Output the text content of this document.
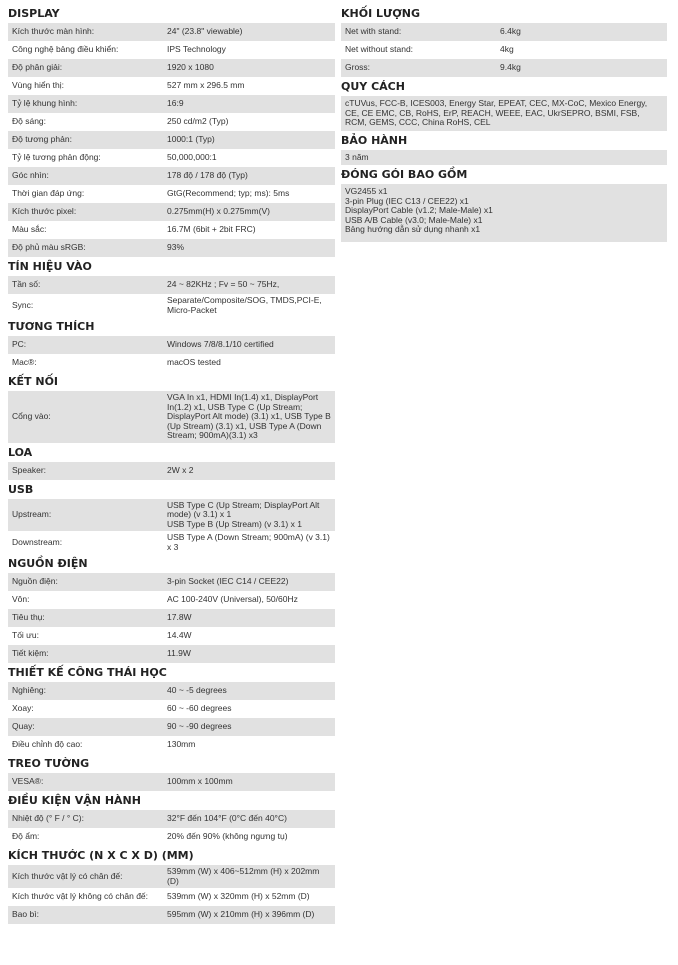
DISPLAY
Kích thước màn hình:	24" (23.8" viewable)
Công nghệ bảng điều khiển:	IPS Technology
Độ phân giải:	1920 x 1080
Vùng hiển thị:	527 mm x 296.5 mm
Tỷ lệ khung hình:	16:9
Độ sáng:	250 cd/m2 (Typ)
Độ tương phản:	1000:1 (Typ)
Tỷ lệ tương phản động:	50,000,000:1
Góc nhìn:	178 độ / 178 độ (Typ)
Thời gian đáp ứng:	GtG(Recommend; typ; ms): 5ms
Kích thước pixel:	0.275mm(H) x 0.275mm(V)
Màu sắc:	16.7M (6bit + 2bit FRC)
Độ phủ màu sRGB:	93%
TÍN HIỆU VÀO
Tần số:	24 ~ 82KHz ; Fv = 50 ~ 75Hz,
Sync:	Separate/Composite/SOG, TMDS,PCI-E, Micro-Packet
TƯƠNG THÍCH
PC:	Windows 7/8/8.1/10 certified
Mac®:	macOS tested
KẾT NỐI
Cổng vào:
VGA In x1, HDMI In(1.4) x1, DisplayPort In(1.2) x1, USB Type C (Up Stream; DisplayPort Alt mode) (3.1) x1, USB Type B (Up Stream) (3.1) x1, USB Type A (Down Stream; 900mA)(3.1) x3
LOA
Speaker:	2W x 2
USB
Upstream:
USB Type C (Up Stream; DisplayPort Alt mode) (v 3.1) x 1
USB Type B (Up Stream) (v 3.1) x 1
Downstream:	USB Type A (Down Stream; 900mA) (v 3.1) x 3
NGUỒN ĐIỆN
Nguồn điện:	3-pin Socket (IEC C14 / CEE22)
Vôn:	AC 100-240V (Universal), 50/60Hz
Tiêu thụ:	17.8W
Tối ưu:	14.4W
Tiết kiệm:	11.9W
THIẾT KẾ CÔNG THÁI HỌC
Nghiêng:	40 ~ -5 degrees
Xoay:	60 ~ -60 degrees
Quay:	90 ~ -90 degrees
Điều chỉnh độ cao:	130mm
TREO TƯỜNG
VESA®:	100mm x 100mm
ĐIỀU KIỆN VẬN HÀNH
Nhiệt độ (° F / ° C):	32°F đến 104°F (0°C đến 40°C)
Độ ẩm:	20% đến 90% (không ngưng tụ)
KÍCH THƯỚC (N X C X D) (MM)
Kích thước vật lý có chân đế:	539mm (W) x 406~512mm (H) x 202mm (D)
Kích thước vật lý không có chân đế:	539mm (W) x 320mm (H) x 52mm (D)
Bao bì:	595mm (W) x 210mm (H) x 396mm (D)
KHỐI LƯỢNG
Net with stand:	6.4kg
Net without stand:	4kg
Gross:	9.4kg
QUY CÁCH
cTUVus, FCC-B, ICES003, Energy Star, EPEAT, CEC, MX-CoC, Mexico Energy, CE, CE EMC, CB, RoHS, ErP, REACH, WEEE, EAC, UkrSEPRO, BSMI, FSB, RCM, GEMS, CCC, China RoHS, CEL
BẢO HÀNH
3 năm
ĐÓNG GÓI BAO GỒM
VG2455 x1
3-pin Plug (IEC C13 / CEE22) x1
DisplayPort Cable (v1.2; Male-Male) x1
USB A/B Cable (v3.0; Male-Male) x1
Bảng hướng dẫn sử dụng nhanh x1
